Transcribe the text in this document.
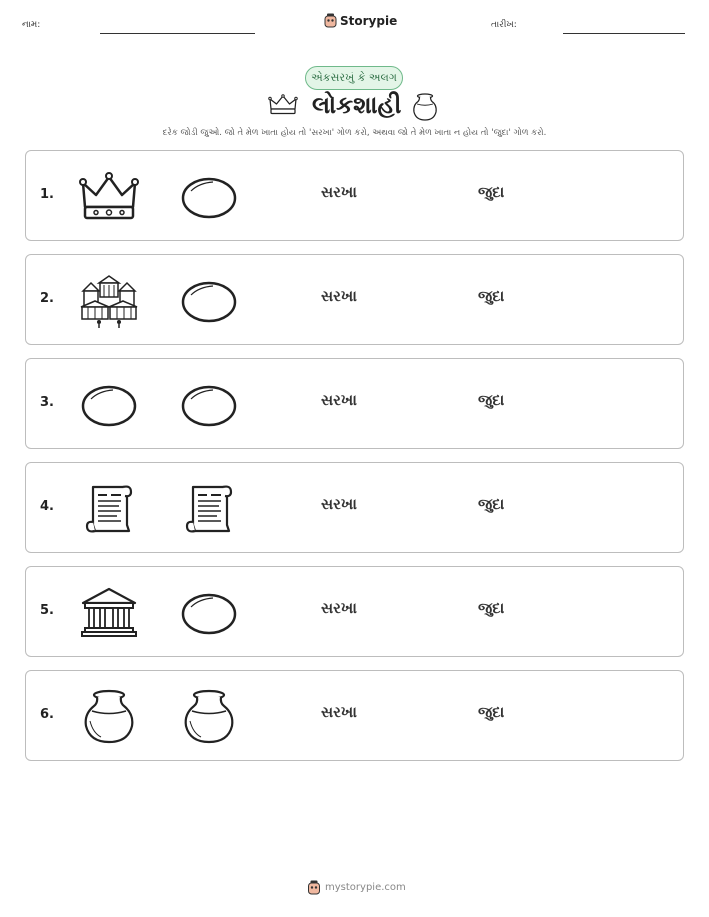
નામ:	Storypie	તારીખ:
એકસરખું કે અલગ
લોકશાહી
દરેક જોડી જુઓ. જો તે મેળ ખાતા હોય તો 'સરખા' ગોળ કરો, અથવા જો તે મેળ ખાતા ન હોય તો 'જુદા' ગોળ કરો.
1.	સરખા	જુદા
2.	સરખા	જુદા
3.	સરખા	જુદા
4.	સરખા	જુદા
5.	સરખા	જુદા
6.	સરખા	જુદા
mystorypie.com
